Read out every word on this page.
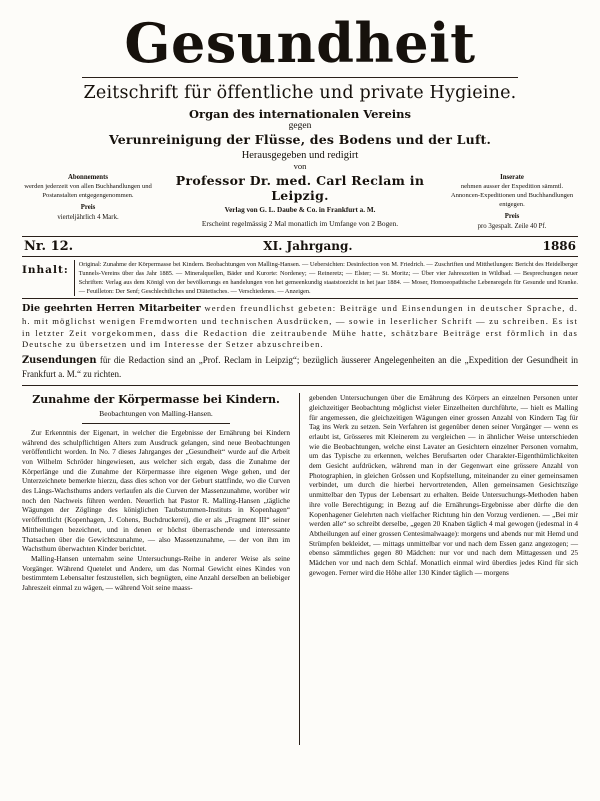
Gesundheit
Zeitschrift für öffentliche und private Hygieine.
Organ des internationalen Vereins
gegen
Verunreinigung der Flüsse, des Bodens und der Luft.
Herausgegeben und redigirt
von
Abonnements
werden jederzeit von allen Buchhandlungen und Postanstalten entgegengenommen.
Preis
vierteljährlich 4 Mark.
Professor Dr. med. Carl Reclam in Leipzig.
Verlag von G. L. Daube & Co. in Frankfurt a. M.
Erscheint regelmässig 2 Mal monatlich im Umfange von 2 Bogen.
Inserate
nehmen ausser der Expedition sämmtl. Annoncen-Expeditionen und Buchhandlungen entgegen.
Preis
pro 3gespalt. Zeile 40 Pf.
Nr. 12.	XI. Jahrgang.	1886
Inhalt:	Original: Zunahme der Körpermasse bei Kindern. Beobachtungen von Malling-Hansen. — Uebersichten: Desinfection von M. Friedrich. — Zuschriften und Mittheilungen: Bericht des Heidelberger Tunnels-Vereins über das Jahr 1885. — Mineralquellen, Bäder und Kurorte: Nordeney; — Reineretz; — Elster; — St. Moritz; — Über vier Jahreszeiten in Wildbad. — Besprechungen neuer Schriften: Verlag aus dem Königl von der bevölkerungs en handelungen von het gemeenkundig staatstoezicht in het jaar 1884. — Moser, Homoeopathische Lebensregeln für Gesunde und Kranke. — Feuilleton: Der Senf; Geschlechtliches und Diätetisches. — Verschiedenes. — Anzeigen.
Die geehrten Herren Mitarbeiter werden freundlichst gebeten: Beiträge und Einsendungen in deutscher Sprache, d. h. mit möglichst wenigen Fremdworten und technischen Ausdrücken, — sowie in leserlicher Schrift — zu schreiben. Es ist in letzter Zeit vorgekommen, dass die Redaction die zeitraubende Mühe hatte, schätzbare Beiträge erst förmlich in das Deutsche zu übersetzen und im Interesse der Setzer abzuschreiben.
Zusendungen für die Redaction sind an „Prof. Reclam in Leipzig“; bezüglich äusserer Angelegenheiten an die „Expedition der Gesundheit in Frankfurt a. M.“ zu richten.
Zunahme der Körpermasse bei Kindern.
Beobachtungen von Malling-Hansen.

Zur Erkenntnis der Eigenart, in welcher die Ergebnisse der Ernährung bei Kindern während des schulpflichtigen Alters zum Ausdruck gelangen, sind neue Beobachtungen veröffentlicht worden. In No. 7 dieses Jahrganges der „Gesundheit“ wurde auf die Arbeit von Wilhelm Schröder hingewiesen, aus welcher sich ergab, dass die Zunahme der Körperlänge und die Zunahme der Körpermasse ihre eigenen Wege gehen, und der Unterzeichnete bemerkte hierzu, dass dies schon vor der Geburt stattfinde, wo die Curven des Längs-Wachsthums anders verlaufen als die Curven der Massenzunahme, worüber wir noch den Nachweis führen werden. Neuerlich hat Pastor R. Malling-Hansen „tägliche Wägungen der Zöglinge des königlichen Taubstummen-Instituts in Kopenhagen“ veröffentlicht (Kopenhagen, J. Cohens, Buchdruckerei), die er als „Fragment III“ seiner Mittheilungen bezeichnet, und in denen er höchst überraschende und interessante Thatsachen über die Gewichtszunahme, — also Massenzunahme, — der von ihm im Wachsthum überwachten Kinder berichtet.

Malling-Hansen unternahm seine Untersuchungs-Reihe in anderer Weise als seine Vorgänger. Während Quetelet und Andere, um das Normal Gewicht eines Kindes von bestimmtem Lebensalter festzustellen, sich begnügten, eine Anzahl derselben an beliebiger Jahreszeit einmal zu wägen, — während Voit seine maass-

gebenden Untersuchungen über die Ernährung des Körpers an einzelnen Personen unter gleichzeitiger Beobachtung möglichst vieler Einzelheiten durchführte, — hielt es Malling für angemessen, die gleichzeitigen Wägungen einer grossen Anzahl von Kindern Tag für Tag ins Werk zu setzen. Sein Verfahren ist gegenüber denen seiner Vorgänger — wenn es erlaubt ist, Grösseres mit Kleinerem zu vergleichen — in ähnlicher Weise unterschieden wie die Beobachtungen, welche einst Lavater an Gesichtern einzelner Personen vornahm, um das Typische zu erkennen, welches Berufsarten oder Charakter-Eigenthümlichkeiten dem Gesicht aufdrücken, während man in der Gegenwart eine grössere Anzahl von Photographien, in gleichen Grössen und Kopfstellung, miteinander zu einer gemeinsamen verbindet, um durch die hierbei hervortretenden, Allen gemeinsamen Gesichtszüge unmittelbar den Typus der Lebensart zu erhalten. Beide Untersuchungs-Methoden haben ihre volle Berechtigung; in Bezug auf die Ernährungs-Ergebnisse aber dürfte die den Kopenhagener Gelehrten nach vielfacher Richtung hin den Vorzug verdienen. — „Bei mir werden alle“ so schreibt derselbe, „gegen 20 Knaben täglich 4 mal gewogen (jedesmal in 4 Abtheilungen auf einer grossen Centesimalwaage): morgens und abends nur mit Hemd und Strümpfen bekleidet, — mittags unmittelbar vor und nach dem Essen ganz angezogen; — ebenso sämmtliches gegen 80 Mädchen: nur vor und nach dem Mittagessen und 25 Mädchen vor und nach dem Schlaf. Monatlich einmal wird überdies jedes Kind für sich gewogen. Ferner wird die Höhe aller 130 Kinder täglich — morgens
